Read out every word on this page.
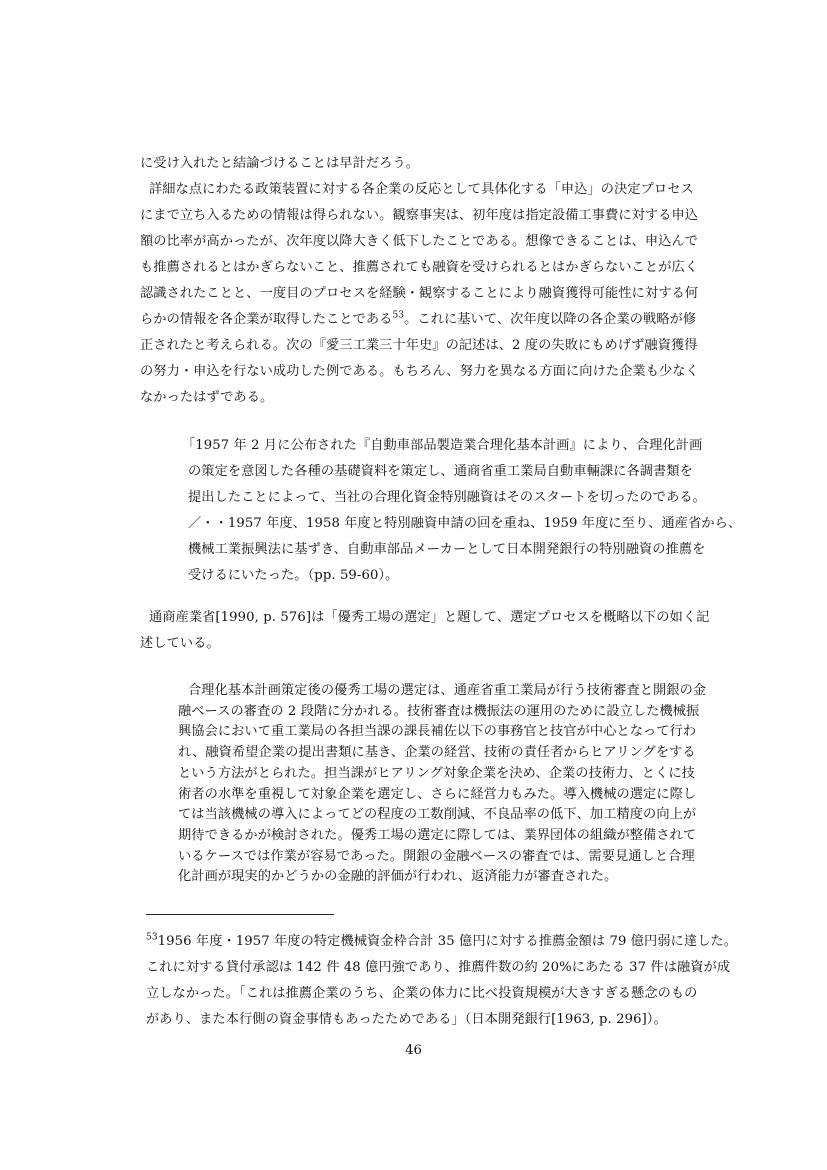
に受け入れたと結論づけることは早計だろう。
詳細な点にわたる政策装置に対する各企業の反応として具体化する「申込」の決定プロセス
にまで立ち入るための情報は得られない。観察事実は、初年度は指定設備工事費に対する申込
額の比率が高かったが、次年度以降大きく低下したことである。想像できることは、申込んで
も推薦されるとはかぎらないこと、推薦されても融資を受けられるとはかぎらないことが広く
認識されたことと、一度目のプロセスを経験・観察することにより融資獲得可能性に対する何
らかの情報を各企業が取得したことである$^{53}$。これに基いて、次年度以降の各企業の戦略が修
正されたと考えられる。次の『愛三工業三十年史』の記述は、2 度の失敗にもめげず融資獲得
の努力・申込を行ない成功した例である。もちろん、努力を異なる方面に向けた企業も少なく
なかったはずである。
「1957 年 2 月に公布された『自動車部品製造業合理化基本計画』により、合理化計画
の策定を意図した各種の基礎資料を策定し、通商省重工業局自動車輛課に各調書類を
提出したことによって、当社の合理化資金特別融資はそのスタートを切ったのである。
／・・1957 年度、1958 年度と特別融資申請の回を重ね、1959 年度に至り、通産省から、
機械工業振興法に基ずき、自動車部品メーカーとして日本開発銀行の特別融資の推薦を
受けるにいたった。（pp. 59-60）。
通商産業省[1990, p. 576]は「優秀工場の選定」と題して、選定プロセスを概略以下の如く記
述している。
合理化基本計画策定後の優秀工場の選定は、通産省重工業局が行う技術審査と開銀の金
融ベースの審査の 2 段階に分かれる。技術審査は機振法の運用のために設立した機械振
興協会において重工業局の各担当課の課長補佐以下の事務官と技官が中心となって行わ
れ、融資希望企業の提出書類に基き、企業の経営、技術の責任者からヒアリングをする
という方法がとられた。担当課がヒアリング対象企業を決め、企業の技術力、とくに技
術者の水準を重視して対象企業を選定し、さらに経営力もみた。導入機械の選定に際し
ては当該機械の導入によってどの程度の工数削減、不良品率の低下、加工精度の向上が
期待できるかが検討された。優秀工場の選定に際しては、業界団体の組織が整備されて
いるケースでは作業が容易であった。開銀の金融ベースの審査では、需要見通しと合理
化計画が現実的かどうかの金融的評価が行われ、返済能力が審査された。
$^{53}$1956 年度・1957 年度の特定機械資金枠合計 35 億円に対する推薦金額は 79 億円弱に達した。
これに対する貸付承認は 142 件 48 億円強であり、推薦件数の約 20%にあたる 37 件は融資が成
立しなかった。「これは推薦企業のうち、企業の体力に比べ投資規模が大きすぎる懸念のもの
があり、また本行側の資金事情もあったためである」（日本開発銀行[1963, p. 296]）。
46
